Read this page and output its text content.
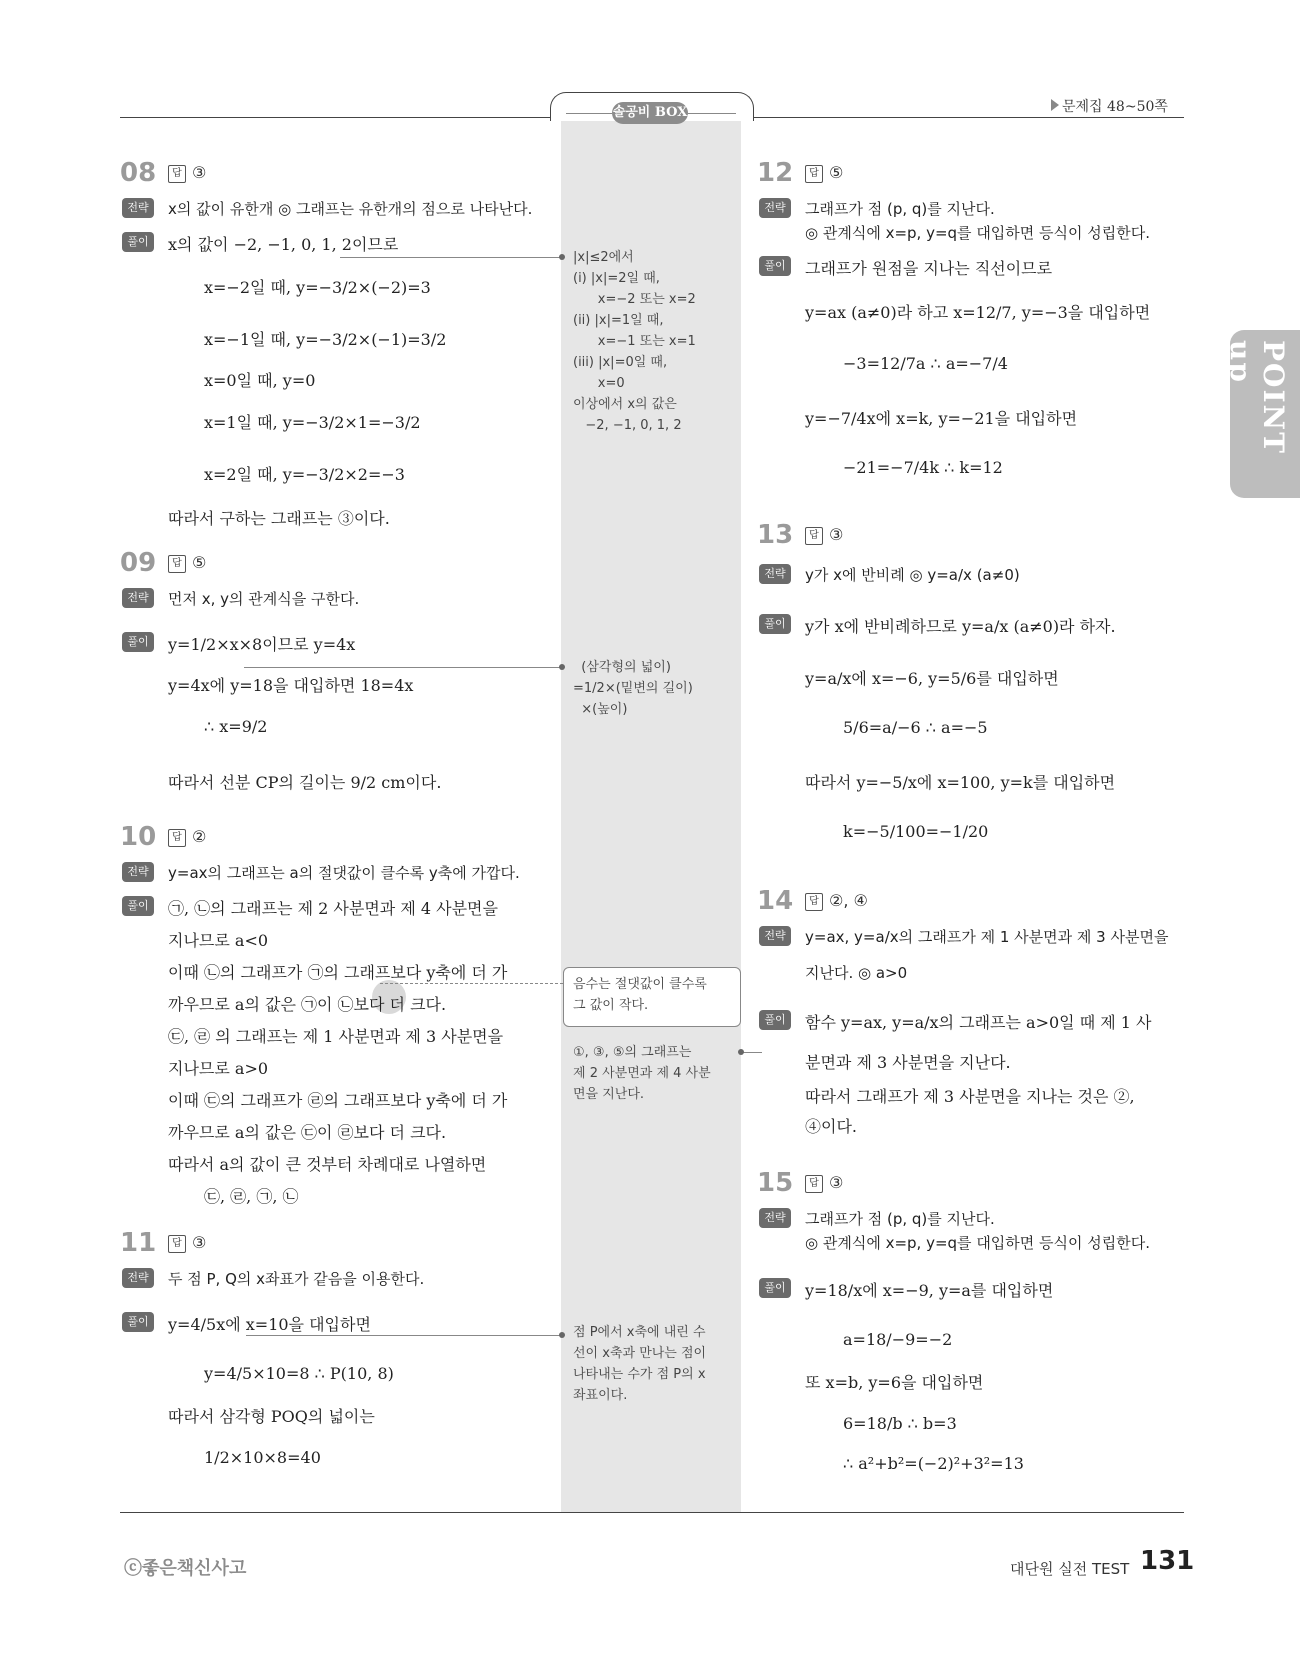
솔공비 BOX	문제집 48~50쪽
POINT up
08	답 ③
전략	x의 값이 유한개 ◎ 그래프는 유한개의 점으로 나타난다.
풀이	x의 값이 −2, −1, 0, 1, 2이므로
x=−2일 때, y=−3/2×(−2)=3
x=−1일 때, y=−3/2×(−1)=3/2
x=0일 때, y=0
x=1일 때, y=−3/2×1=−3/2
x=2일 때, y=−3/2×2=−3
따라서 구하는 그래프는 ③이다.
09	답 ⑤
전략	먼저 x, y의 관계식을 구한다.
풀이	y=1/2×x×8이므로 y=4x
y=4x에 y=18을 대입하면 18=4x
∴ x=9/2
따라서 선분 CP의 길이는 9/2 cm이다.
10	답 ②
전략	y=ax의 그래프는 a의 절댓값이 클수록 y축에 가깝다.
풀이	㉠, ㉡의 그래프는 제 2 사분면과 제 4 사분면을
지나므로 a<0
이때 ㉡의 그래프가 ㉠의 그래프보다 y축에 더 가
까우므로 a의 값은 ㉠이 ㉡보다 더 크다.
㉢, ㉣ 의 그래프는 제 1 사분면과 제 3 사분면을
지나므로 a>0
이때 ㉢의 그래프가 ㉣의 그래프보다 y축에 더 가
까우므로 a의 값은 ㉢이 ㉣보다 더 크다.
따라서 a의 값이 큰 것부터 차례대로 나열하면
㉢, ㉣, ㉠, ㉡
11	답 ③
전략	두 점 P, Q의 x좌표가 같음을 이용한다.
풀이	y=4/5x에 x=10을 대입하면
y=4/5×10=8 ∴ P(10, 8)
따라서 삼각형 POQ의 넓이는
1/2×10×8=40
|x|≤2에서
(i) |x|=2일 때,
x=−2 또는 x=2
(ii) |x|=1일 때,
x=−1 또는 x=1
(iii) |x|=0일 때,
x=0
이상에서 x의 값은
−2, −1, 0, 1, 2
(삼각형의 넓이)
=1/2×(밑변의 길이)
×(높이)
음수는 절댓값이 클수록
그 값이 작다.
①, ③, ⑤의 그래프는
제 2 사분면과 제 4 사분
면을 지난다.
점 P에서 x축에 내린 수
선이 x축과 만나는 점이
나타내는 수가 점 P의 x
좌표이다.
12	답 ⑤
전략	그래프가 점 (p, q)를 지난다.
◎ 관계식에 x=p, y=q를 대입하면 등식이 성립한다.
풀이	그래프가 원점을 지나는 직선이므로
y=ax (a≠0)라 하고 x=12/7, y=−3을 대입하면
−3=12/7a ∴ a=−7/4
y=−7/4x에 x=k, y=−21을 대입하면
−21=−7/4k ∴ k=12
13	답 ③
전략	y가 x에 반비례 ◎ y=a/x (a≠0)
풀이	y가 x에 반비례하므로 y=a/x (a≠0)라 하자.
y=a/x에 x=−6, y=5/6를 대입하면
5/6=a/−6 ∴ a=−5
따라서 y=−5/x에 x=100, y=k를 대입하면
k=−5/100=−1/20
14	답 ②, ④
전략	y=ax, y=a/x의 그래프가 제 1 사분면과 제 3 사분면을
지난다. ◎ a>0
풀이	함수 y=ax, y=a/x의 그래프는 a>0일 때 제 1 사
분면과 제 3 사분면을 지난다.
따라서 그래프가 제 3 사분면을 지나는 것은 ②,
④이다.
15	답 ③
전략	그래프가 점 (p, q)를 지난다.
◎ 관계식에 x=p, y=q를 대입하면 등식이 성립한다.
풀이	y=18/x에 x=−9, y=a를 대입하면
a=18/−9=−2
또 x=b, y=6을 대입하면
6=18/b ∴ b=3
∴ a²+b²=(−2)²+3²=13
ⓒ좋은책신사고	대단원 실전 TEST 131
